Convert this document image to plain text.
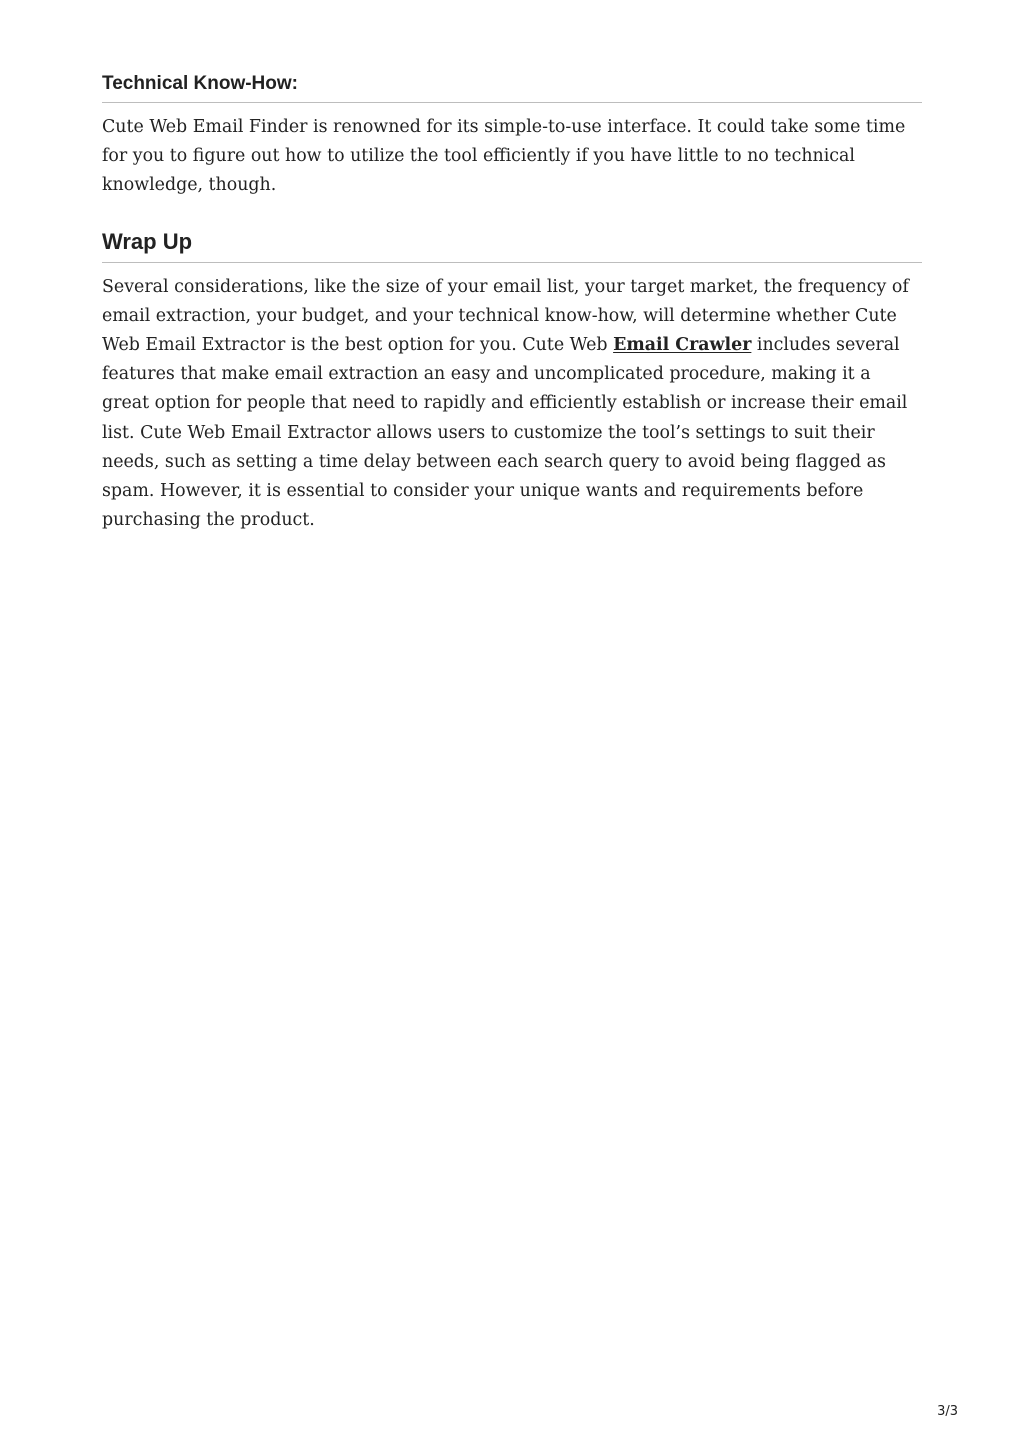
Technical Know-How:

Cute Web Email Finder is renowned for its simple-to-use interface. It could take some time for you to figure out how to utilize the tool efficiently if you have little to no technical knowledge, though.

Wrap Up

Several considerations, like the size of your email list, your target market, the frequency of email extraction, your budget, and your technical know-how, will determine whether Cute Web Email Extractor is the best option for you. Cute Web Email Crawler includes several features that make email extraction an easy and uncomplicated procedure, making it a great option for people that need to rapidly and efficiently establish or increase their email list. Cute Web Email Extractor allows users to customize the tool’s settings to suit their needs, such as setting a time delay between each search query to avoid being flagged as spam. However, it is essential to consider your unique wants and requirements before purchasing the product.

3/3
